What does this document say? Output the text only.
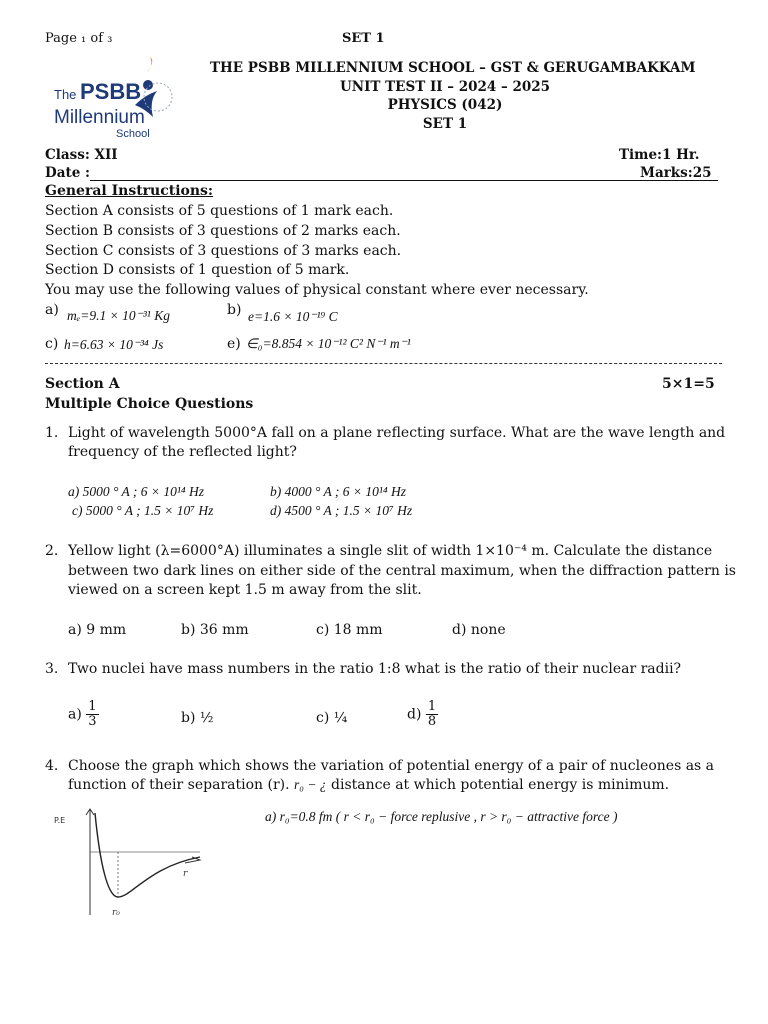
Page ₁ of ₃	SET 1
The PSBB
Millennium
School
THE PSBB MILLENNIUM SCHOOL – GST & GERUGAMBAKKAM
UNIT TEST II – 2024 – 2025
PHYSICS (042)
SET 1
Class: XII	Time:1 Hr.
Date :	Marks:25
General Instructions:
Section A consists of 5 questions of 1 mark each.
Section B consists of 3 questions of 2 marks each.
Section C consists of 3 questions of 3 marks each.
Section D consists of 1 question of 5 mark.
You may use the following values of physical constant where ever necessary.
a) mₑ=9.1 × 10⁻³¹ Kg	b) e=1.6 × 10⁻¹⁹ C
c) h=6.63 × 10⁻³⁴ Js	e) ∈₀=8.854 × 10⁻¹² C² N⁻¹ m⁻¹
Section A	5×1=5
Multiple Choice Questions
1. Light of wavelength 5000°A fall on a plane reflecting surface. What are the wave length and
frequency of the reflected light?
a) 5000 ° A ; 6 × 10¹⁴ Hz	b) 4000 ° A ; 6 × 10¹⁴ Hz
c) 5000 ° A ; 1.5 × 10⁷ Hz	d) 4500 ° A ; 1.5 × 10⁷ Hz
2. Yellow light (λ=6000°A) illuminates a single slit of width 1×10⁻⁴ m. Calculate the distance
between two dark lines on either side of the central maximum, when the diffraction pattern is
viewed on a screen kept 1.5 m away from the slit.
a) 9 mm	b) 36 mm	c) 18 mm	d) none
3. Two nuclei have mass numbers in the ratio 1:8 what is the ratio of their nuclear radii?
$a) \frac{1}{3}$	b) ½	c) ¼	$d) \frac{1}{8}$
4. Choose the graph which shows the variation of potential energy of a pair of nucleones as a
function of their separation (r). r₀ − ¿ distance at which potential energy is minimum.
P.E
r
r₀
a) r₀=0.8 fm ( r < r₀ − force replusive , r > r₀ − attractive force )
